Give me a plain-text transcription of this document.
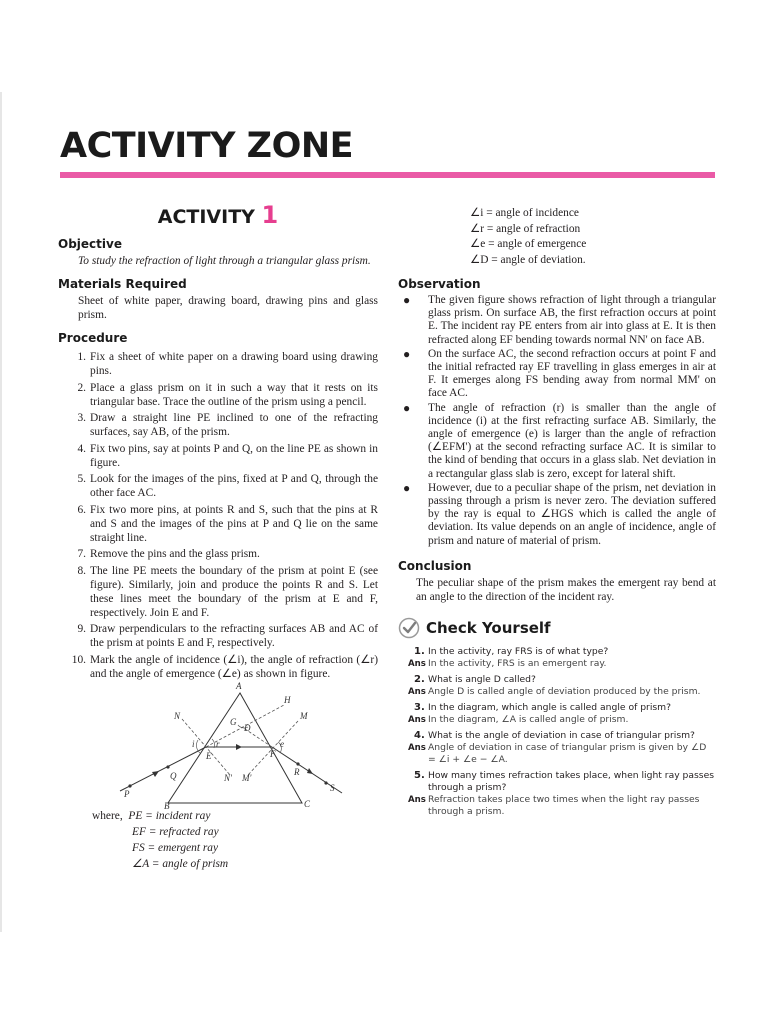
ACTIVITY ZONE
ACTIVITY 1
Objective
To study the refraction of light through a triangular glass prism.
Materials Required
Sheet of white paper, drawing board, drawing pins and glass prism.
Procedure
1. Fix a sheet of white paper on a drawing board using drawing pins.
2. Place a glass prism on it in such a way that it rests on its triangular base. Trace the outline of the prism using a pencil.
3. Draw a straight line PE inclined to one of the refracting surfaces, say AB, of the prism.
4. Fix two pins, say at points P and Q, on the line PE as shown in figure.
5. Look for the images of the pins, fixed at P and Q, through the other face AC.
6. Fix two more pins, at points R and S, such that the pins at R and S and the images of the pins at P and Q lie on the same straight line.
7. Remove the pins and the glass prism.
8. The line PE meets the boundary of the prism at point E (see figure). Similarly, join and produce the points R and S. Let these lines meet the boundary of the prism at E and F, respectively. Join E and F.
9. Draw perpendiculars to the refracting surfaces AB and AC of the prism at points E and F, respectively.
10. Mark the angle of incidence (∠i), the angle of refraction (∠r) and the angle of emergence (∠e) as shown in figure.
A
B	C
E	F
G
D
H
N	M
N' M'
P
Q	R
S
i r	e
where, PE = incident ray
EF = refracted ray
FS = emergent ray
∠A = angle of prism
∠i = angle of incidence
∠r = angle of refraction
∠e = angle of emergence
∠D = angle of deviation.
Observation
● The given figure shows refraction of light through a triangular glass prism. On surface AB, the first refraction occurs at point E. The incident ray PE enters from air into glass at E. It is then refracted along EF bending towards normal NN' on face AB.
● On the surface AC, the second refraction occurs at point F and the initial refracted ray EF travelling in glass emerges in air at F. It emerges along FS bending away from normal MM' on face AC.
● The angle of refraction (r) is smaller than the angle of incidence (i) at the first refracting surface AB. Similarly, the angle of emergence (e) is larger than the angle of refraction (∠EFM') at the second refracting surface AC. It is similar to the kind of bending that occurs in a glass slab. Net deviation in a rectangular glass slab is zero, except for lateral shift.
● However, due to a peculiar shape of the prism, net deviation in passing through a prism is never zero. The deviation suffered by the ray is equal to ∠HGS which is called the angle of deviation. Its value depends on an angle of incidence, angle of prism and nature of material of prism.
Conclusion
The peculiar shape of the prism makes the emergent ray bend at an angle to the direction of the incident ray.
Check Yourself
1. In the activity, ray FRS is of what type?
Ans In the activity, FRS is an emergent ray.
2. What is angle D called?
Ans Angle D is called angle of deviation produced by the prism.
3. In the diagram, which angle is called angle of prism?
Ans In the diagram, ∠A is called angle of prism.
4. What is the angle of deviation in case of triangular prism?
Ans Angle of deviation in case of triangular prism is given by ∠D = ∠i + ∠e − ∠A.
5. How many times refraction takes place, when light ray passes through a prism?
Ans Refraction takes place two times when the light ray passes through a prism.
